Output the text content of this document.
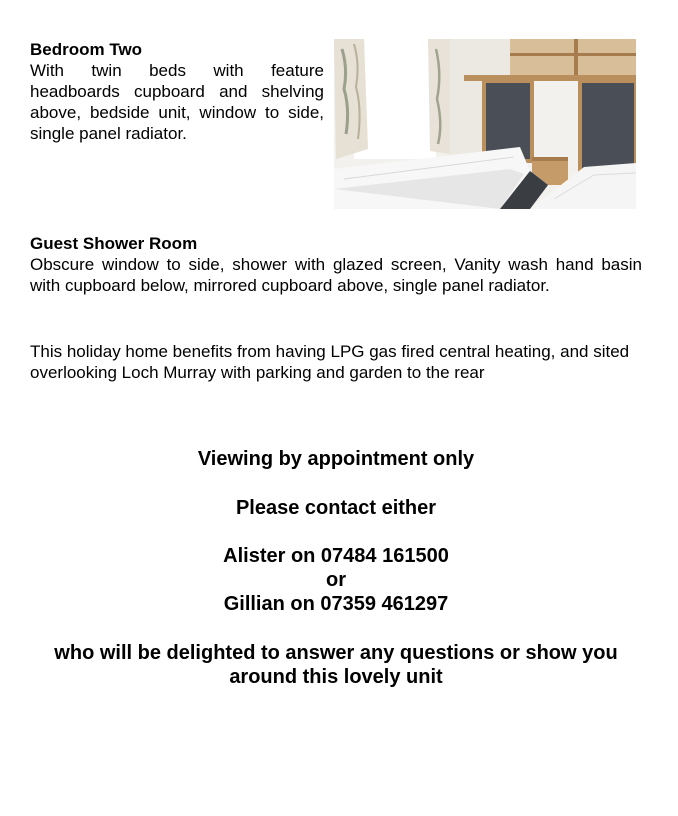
Bedroom Two

With twin beds with feature headboards cupboard and shelving above, bedside unit, window to side, single panel radiator.

Guest Shower Room

Obscure window to side, shower with glazed screen, Vanity wash hand basin with cupboard below, mirrored cupboard above, single panel radiator.

This holiday home benefits from having LPG gas fired central heating, and sited overlooking Loch Murray with parking and garden to the rear

Viewing by appointment only

Please contact either

Alister on 07484 161500

or

Gillian on 07359 461297

who will be delighted to answer any questions or show you around this lovely unit
